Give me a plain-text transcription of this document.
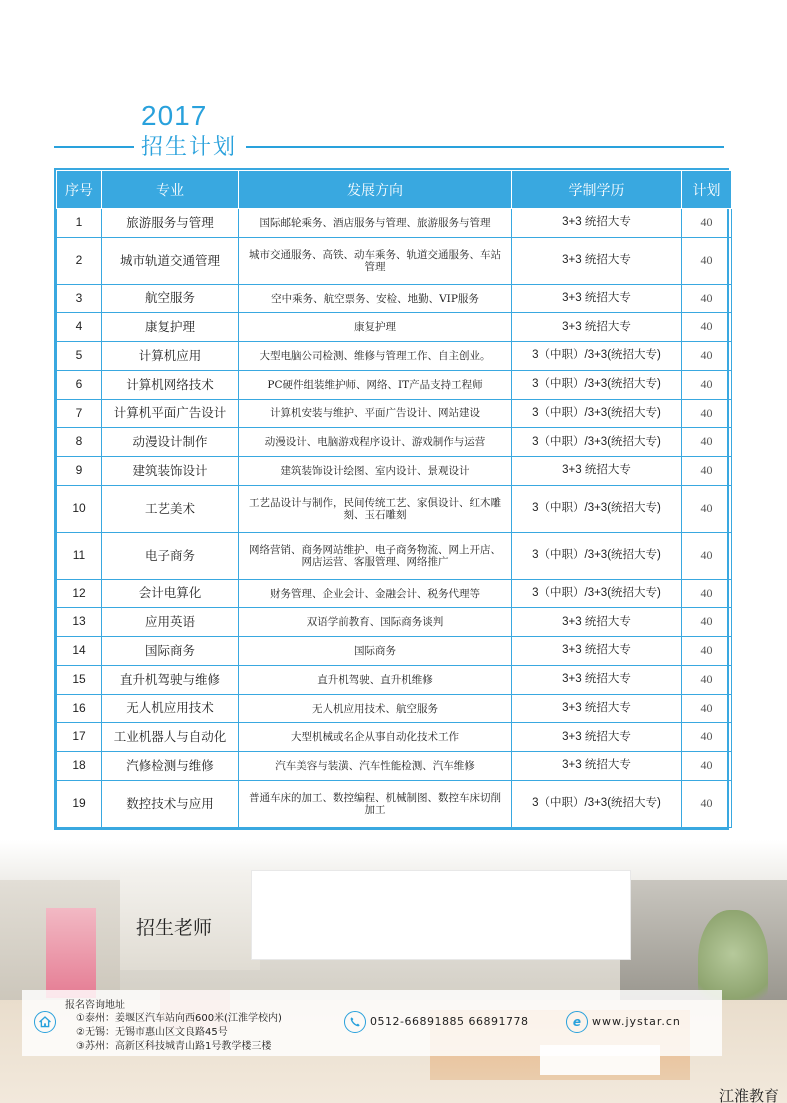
2017
招生计划
序号	专业	发展方向	学制学历	计划
1	旅游服务与管理	国际邮轮乘务、酒店服务与管理、旅游服务与管理	3+3 统招大专	40
2	城市轨道交通管理	城市交通服务、高铁、动车乘务、轨道交通服务、车站管理	3+3 统招大专	40
3	航空服务	空中乘务、航空票务、安检、地勤、VIP服务	3+3 统招大专	40
4	康复护理	康复护理	3+3 统招大专	40
5	计算机应用	大型电脑公司检测、维修与管理工作、自主创业。	3（中职）/3+3(统招大专)	40
6	计算机网络技术	PC硬件组装维护师、网络、IT产品支持工程师	3（中职）/3+3(统招大专)	40
7	计算机平面广告设计	计算机安装与维护、平面广告设计、网站建设	3（中职）/3+3(统招大专)	40
8	动漫设计制作	动漫设计、电脑游戏程序设计、游戏制作与运营	3（中职）/3+3(统招大专)	40
9	建筑装饰设计	建筑装饰设计绘图、室内设计、景观设计	3+3 统招大专	40
10	工艺美术	工艺品设计与制作，民间传统工艺、家俱设计、红木雕刻、玉石雕刻	3（中职）/3+3(统招大专)	40
11	电子商务	网络营销、商务网站维护、电子商务物流、网上开店、网店运营、客服管理、网络推广	3（中职）/3+3(统招大专)	40
12	会计电算化	财务管理、企业会计、金融会计、税务代理等	3（中职）/3+3(统招大专)	40
13	应用英语	双语学前教育、国际商务谈判	3+3 统招大专	40
14	国际商务	国际商务	3+3 统招大专	40
15	直升机驾驶与维修	直升机驾驶、直升机维修	3+3 统招大专	40
16	无人机应用技术	无人机应用技术、航空服务	3+3 统招大专	40
17	工业机器人与自动化	大型机械或名企从事自动化技术工作	3+3 统招大专	40
18	汽修检测与维修	汽车美容与装潢、汽车性能检测、汽车维修	3+3 统招大专	40
19	数控技术与应用	普通车床的加工、数控编程、机械制图、数控车床切削加工	3（中职）/3+3(统招大专)	40
招生老师
报名咨询地址
①泰州：姜堰区汽车站向西600米(江淮学校内)
②无锡：无锡市惠山区文良路45号
③苏州：高新区科技城青山路1号教学楼三楼
0512-66891885 66891778	e www.jystar.cn
江淮教育
